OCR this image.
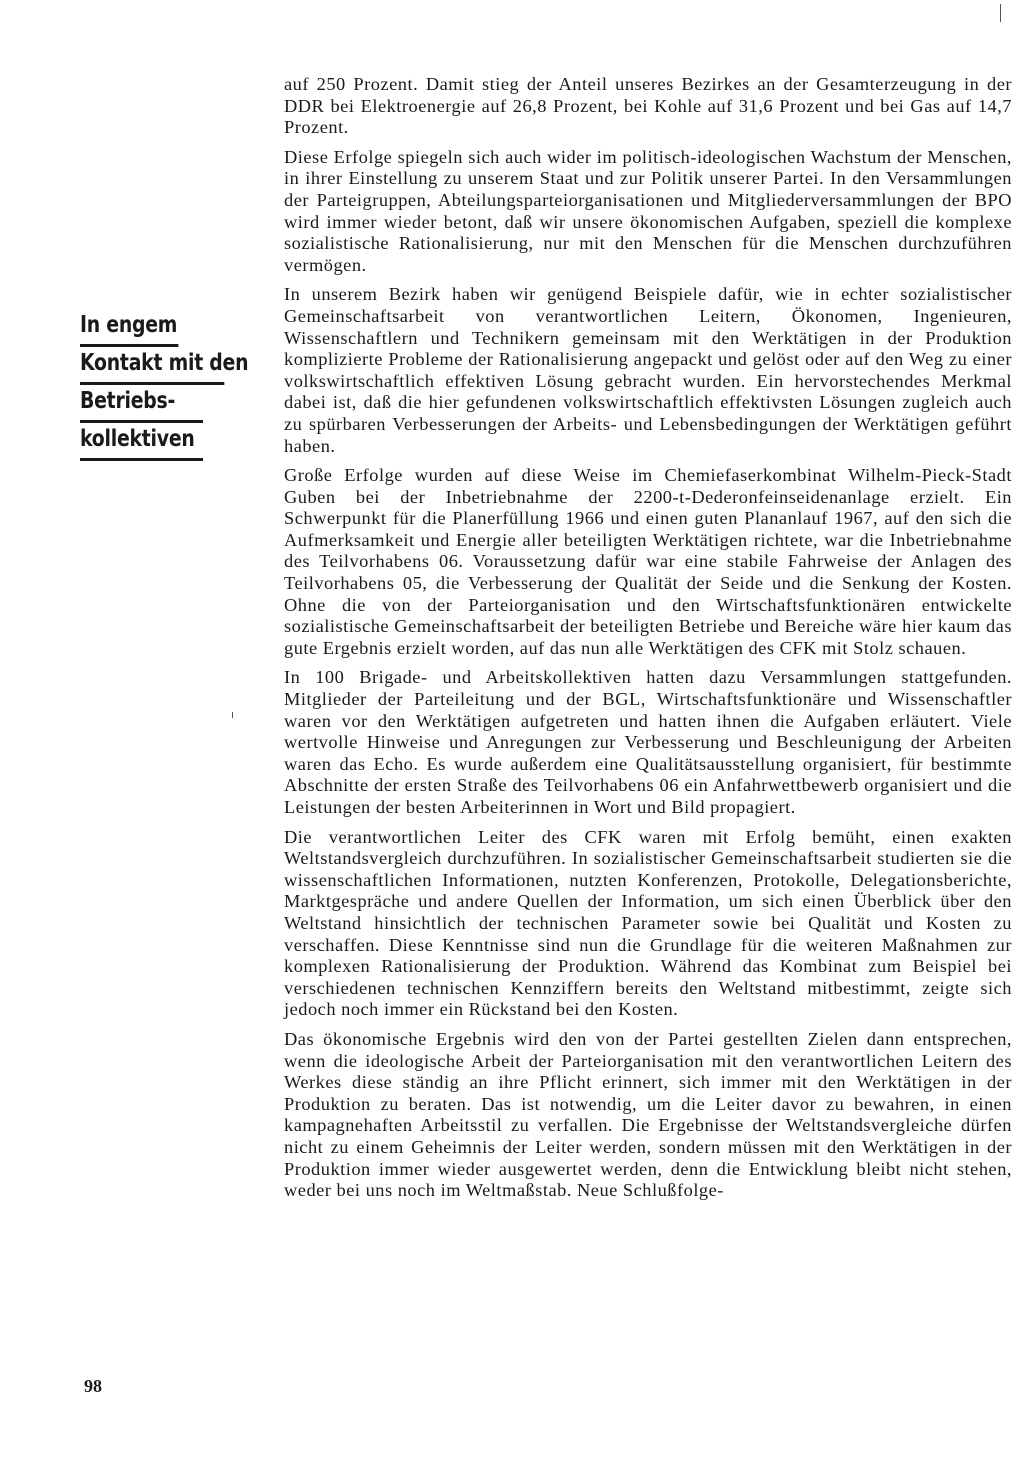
In engem
Kontakt mit den
Betriebs-
kollektiven

auf 250 Prozent. Damit stieg der Anteil unseres Bezirkes an der Gesamterzeugung in der DDR bei Elektroenergie auf 26,8 Prozent, bei Kohle auf 31,6 Prozent und bei Gas auf 14,7 Prozent.

Diese Erfolge spiegeln sich auch wider im politisch-ideologischen Wachstum der Menschen, in ihrer Einstellung zu unserem Staat und zur Politik unserer Partei. In den Versammlungen der Parteigruppen, Abteilungsparteiorganisationen und Mitgliederversammlungen der BPO wird immer wieder betont, daß wir unsere ökonomischen Aufgaben, speziell die komplexe sozialistische Rationalisierung, nur mit den Menschen für die Menschen durchzuführen vermögen.

In unserem Bezirk haben wir genügend Beispiele dafür, wie in echter sozialistischer Gemeinschaftsarbeit von verantwortlichen Leitern, Ökonomen, Ingenieuren, Wissenschaftlern und Technikern gemeinsam mit den Werktätigen in der Produktion komplizierte Probleme der Rationalisierung angepackt und gelöst oder auf den Weg zu einer volkswirtschaftlich effektiven Lösung gebracht wurden. Ein hervorstechendes Merkmal dabei ist, daß die hier gefundenen volkswirtschaftlich effektivsten Lösungen zugleich auch zu spürbaren Verbesserungen der Arbeits- und Lebensbedingungen der Werktätigen geführt haben.

Große Erfolge wurden auf diese Weise im Chemiefaserkombinat Wilhelm-Pieck-Stadt Guben bei der Inbetriebnahme der 2200-t-Dederonfeinseidenanlage erzielt. Ein Schwerpunkt für die Planerfüllung 1966 und einen guten Plananlauf 1967, auf den sich die Aufmerksamkeit und Energie aller beteiligten Werktätigen richtete, war die Inbetriebnahme des Teilvorhabens 06. Voraussetzung dafür war eine stabile Fahrweise der Anlagen des Teilvorhabens 05, die Verbesserung der Qualität der Seide und die Senkung der Kosten. Ohne die von der Parteiorganisation und den Wirtschaftsfunktionären entwickelte sozialistische Gemeinschaftsarbeit der beteiligten Betriebe und Bereiche wäre hier kaum das gute Ergebnis erzielt worden, auf das nun alle Werktätigen des CFK mit Stolz schauen.

In 100 Brigade- und Arbeitskollektiven hatten dazu Versammlungen stattgefunden. Mitglieder der Parteileitung und der BGL, Wirtschaftsfunktionäre und Wissenschaftler waren vor den Werktätigen aufgetreten und hatten ihnen die Aufgaben erläutert. Viele wertvolle Hinweise und Anregungen zur Verbesserung und Beschleunigung der Arbeiten waren das Echo. Es wurde außerdem eine Qualitätsausstellung organisiert, für bestimmte Abschnitte der ersten Straße des Teilvorhabens 06 ein Anfahrwettbewerb organisiert und die Leistungen der besten Arbeiterinnen in Wort und Bild propagiert.

Die verantwortlichen Leiter des CFK waren mit Erfolg bemüht, einen exakten Weltstandsvergleich durchzuführen. In sozialistischer Gemeinschaftsarbeit studierten sie die wissenschaftlichen Informationen, nutzten Konferenzen, Protokolle, Delegationsberichte, Marktgespräche und andere Quellen der Information, um sich einen Überblick über den Weltstand hinsichtlich der technischen Parameter sowie bei Qualität und Kosten zu verschaffen. Diese Kenntnisse sind nun die Grundlage für die weiteren Maßnahmen zur komplexen Rationalisierung der Produktion. Während das Kombinat zum Beispiel bei verschiedenen technischen Kennziffern bereits den Weltstand mitbestimmt, zeigte sich jedoch noch immer ein Rückstand bei den Kosten.

Das ökonomische Ergebnis wird den von der Partei gestellten Zielen dann entsprechen, wenn die ideologische Arbeit der Parteiorganisation mit den verantwortlichen Leitern des Werkes diese ständig an ihre Pflicht erinnert, sich immer mit den Werktätigen in der Produktion zu beraten. Das ist notwendig, um die Leiter davor zu bewahren, in einen kampagnehaften Arbeitsstil zu verfallen. Die Ergebnisse der Weltstandsvergleiche dürfen nicht zu einem Geheimnis der Leiter werden, sondern müssen mit den Werktätigen in der Produktion immer wieder ausgewertet werden, denn die Entwicklung bleibt nicht stehen, weder bei uns noch im Weltmaßstab. Neue Schlußfolge-

98
